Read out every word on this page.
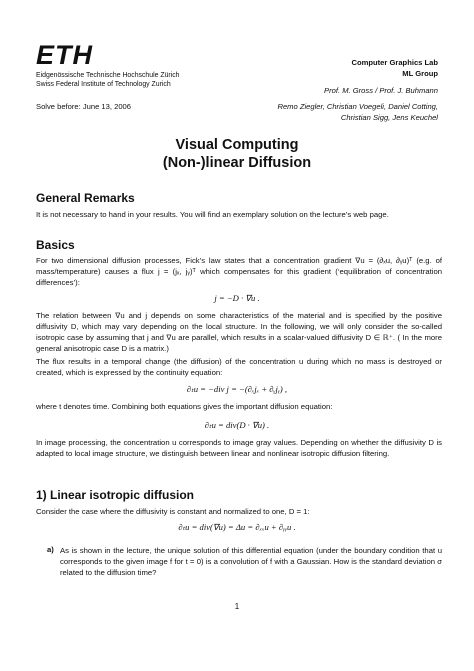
ETH
Eidgenössische Technische Hochschule Zürich
Swiss Federal Institute of Technology Zurich
Computer Graphics Lab
ML Group
Prof. M. Gross / Prof. J. Buhmann
Solve before: June 13, 2006	Remo Ziegler, Christian Voegeli, Daniel Cotting,
Christian Sigg, Jens Keuchel
Visual Computing
(Non-)linear Diffusion
General Remarks
It is not necessary to hand in your results. You will find an exemplary solution on the lecture’s web page.
Basics
For two dimensional diffusion processes, Fick’s law states that a concentration gradient ∇u = (∂ₓu, ∂ᵧu)ᵀ (e.g. of mass/temperature) causes a flux j = (jₓ, jᵧ)ᵀ which compensates for this gradient (‘equilibration of concentration differences’):
j = −D · ∇u .
The relation between ∇u and j depends on some characteristics of the material and is specified by the positive diffusivity D, which may vary depending on the local structure. In the following, we will only consider the so-called isotropic case by assuming that j and ∇u are parallel, which results in a scalar-valued diffusivity D ∈ ℝ⁺. ( In the more general anisotropic case D is a matrix.)
The flux results in a temporal change (the diffusion) of the concentration u during which no mass is destroyed or created, which is expressed by the continuity equation:
∂ₜu = −div j = −(∂ₓjₓ + ∂ᵧjᵧ) ,
where t denotes time. Combining both equations gives the important diffusion equation:
∂ₜu = div(D · ∇u) .
In image processing, the concentration u corresponds to image gray values. Depending on whether the diffusivity D is adapted to local image structure, we distinguish between linear and nonlinear isotropic diffusion filtering.
1) Linear isotropic diffusion
Consider the case where the diffusivity is constant and normalized to one, D = 1:
∂ₜu = div(∇u) = Δu = ∂ₓₓu + ∂ᵧᵧu .
a) As is shown in the lecture, the unique solution of this differential equation (under the boundary condition that u corresponds to the given image f for t = 0) is a convolution of f with a Gaussian. How is the standard deviation σ related to the diffusion time?
1
